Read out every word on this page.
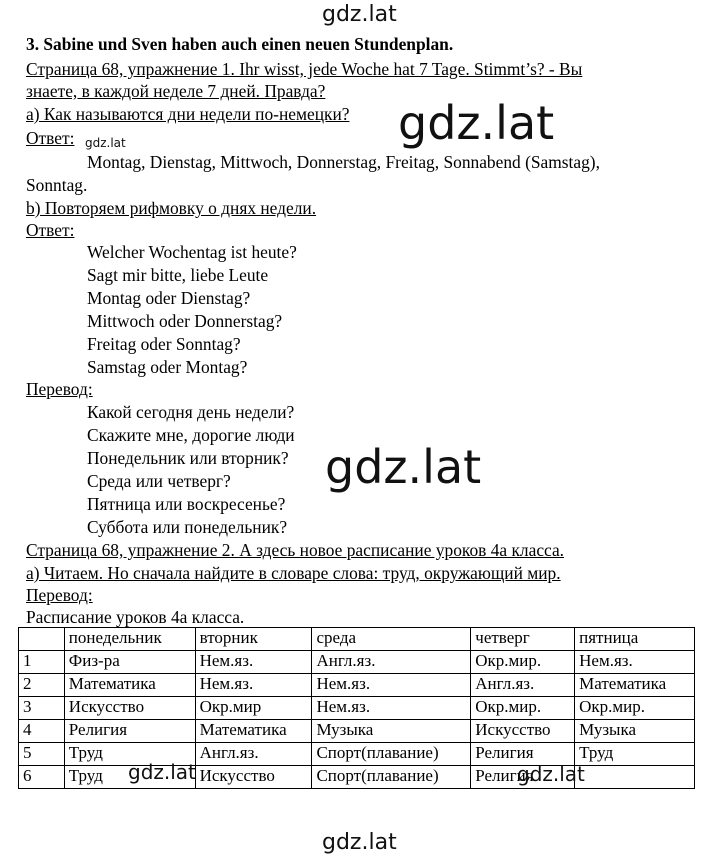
gdz.lat
gdz.lat
gdz.lat
gdz.lat
gdz.lat
3. Sabine und Sven haben auch einen neuen Stundenplan.
Страница 68, упражнение 1. Ihr wisst, jede Woche hat 7 Tage. Stimmt’s? - Вы
знаете, в каждой неделе 7 дней. Правда?
a) Как называются дни недели по-немецки?
Ответ:
Montag, Dienstag, Mittwoch, Donnerstag, Freitag, Sonnabend (Samstag),
Sonntag.
b) Повторяем рифмовку о днях недели.
Ответ:
Welcher Wochentag ist heute?
Sagt mir bitte, liebe Leute
Montag oder Dienstag?
Mittwoch oder Donnerstag?
Freitag oder Sonntag?
Samstag oder Montag?
Перевод:
Какой сегодня день недели?
Скажите мне, дорогие люди
Понедельник или вторник?
Среда или четверг?
Пятница или воскресенье?
Суббота или понедельник?
Страница 68, упражнение 2. А здесь новое расписание уроков 4а класса.
a) Читаем. Но сначала найдите в словаре слова: труд, окружающий мир.
Перевод:
Расписание уроков 4а класса.
	понедельник	вторник	среда	четверг	пятница
1	Физ-ра	Нем.яз.	Англ.яз.	Окр.мир.	Нем.яз.
2	Математика	Нем.яз.	Нем.яз.	Англ.яз.	Математика
3	Искусство	Окр.мир	Нем.яз.	Окр.мир.	Окр.мир.
4	Религия	Математика	Музыка	Искусство	Музыка
5	Труд	Англ.яз.	Спорт(плавание)	Религия	Труд
6	Труд	Искусство	Спорт(плавание)	Религия	
gdz.lat	gdz.lat
